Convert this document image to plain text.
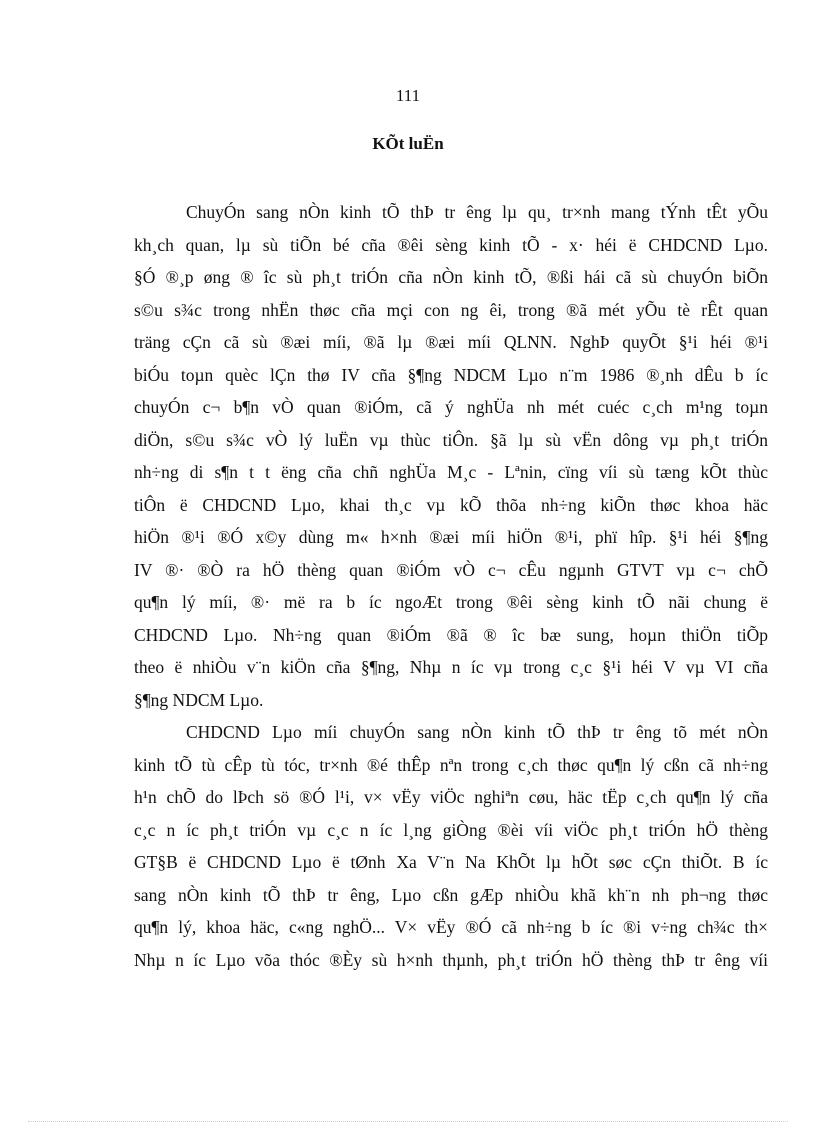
111
KÕt luËn
ChuyÓn sang nÒn kinh tÕ thÞ tr êng lµ qu¸ tr×nh mang tÝnh tÊt yÕu
kh¸ch quan, lµ sù tiÕn bé cña ®êi sèng kinh tÕ - x· héi ë CHDCND Lµo.
§Ó ®¸p øng ® îc sù ph¸t triÓn cña nÒn kinh tÕ, ®ßi hái cã sù chuyÓn biÕn
s©u s¾c trong nhËn thøc cña mçi con ng êi, trong ®ã mét yÕu tè rÊt quan
träng cÇn cã sù ®æi míi, ®ã lµ ®æi míi QLNN. NghÞ quyÕt §¹i héi ®¹i
biÓu toµn quèc lÇn thø IV cña §¶ng NDCM Lµo n¨m 1986 ®¸nh dÊu b íc
chuyÓn c¬ b¶n vÒ quan ®iÓm, cã ý nghÜa nh mét cuéc c¸ch m¹ng toµn
diÖn, s©u s¾c vÒ lý luËn vµ thùc tiÔn. §ã lµ sù vËn dông vµ ph¸t triÓn
nh÷ng di s¶n t t ëng cña chñ nghÜa M¸c - Lªnin, cïng víi sù tæng kÕt thùc
tiÔn ë CHDCND Lµo, khai th¸c vµ kÕ thõa nh÷ng kiÕn thøc khoa häc
hiÖn ®¹i ®Ó x©y dùng m« h×nh ®æi míi hiÖn ®¹i, phï hîp. §¹i héi §¶ng
IV ®· ®Ò ra hÖ thèng quan ®iÓm vÒ c¬ cÊu ngµnh GTVT vµ c¬ chÕ
qu¶n lý míi, ®· më ra b íc ngoÆt trong ®êi sèng kinh tÕ nãi chung ë
CHDCND Lµo. Nh÷ng quan ®iÓm ®ã ® îc bæ sung, hoµn thiÖn tiÕp
theo ë nhiÒu v¨n kiÖn cña §¶ng, Nhµ n íc vµ trong c¸c §¹i héi V vµ VI cña
§¶ng NDCM Lµo.
CHDCND Lµo míi chuyÓn sang nÒn kinh tÕ thÞ tr êng tõ mét nÒn
kinh tÕ tù cÊp tù tóc, tr×nh ®é thÊp nªn trong c¸ch thøc qu¶n lý cßn cã nh÷ng
h¹n chÕ do lÞch sö ®Ó l¹i, v× vËy viÖc nghiªn cøu, häc tËp c¸ch qu¶n lý cña
c¸c n íc ph¸t triÓn vµ c¸c n íc l¸ng giÒng ®èi víi viÖc ph¸t triÓn hÖ thèng
GT§B ë CHDCND Lµo ë tØnh Xa V¨n Na KhÕt lµ hÕt søc cÇn thiÕt. B íc
sang nÒn kinh tÕ thÞ tr êng, Lµo cßn gÆp nhiÒu khã kh¨n nh ph¬ng thøc
qu¶n lý, khoa häc, c«ng nghÖ... V× vËy ®Ó cã nh÷ng b íc ®i v÷ng ch¾c th×
Nhµ n íc Lµo võa thóc ®Èy sù h×nh thµnh, ph¸t triÓn hÖ thèng thÞ tr êng víi
